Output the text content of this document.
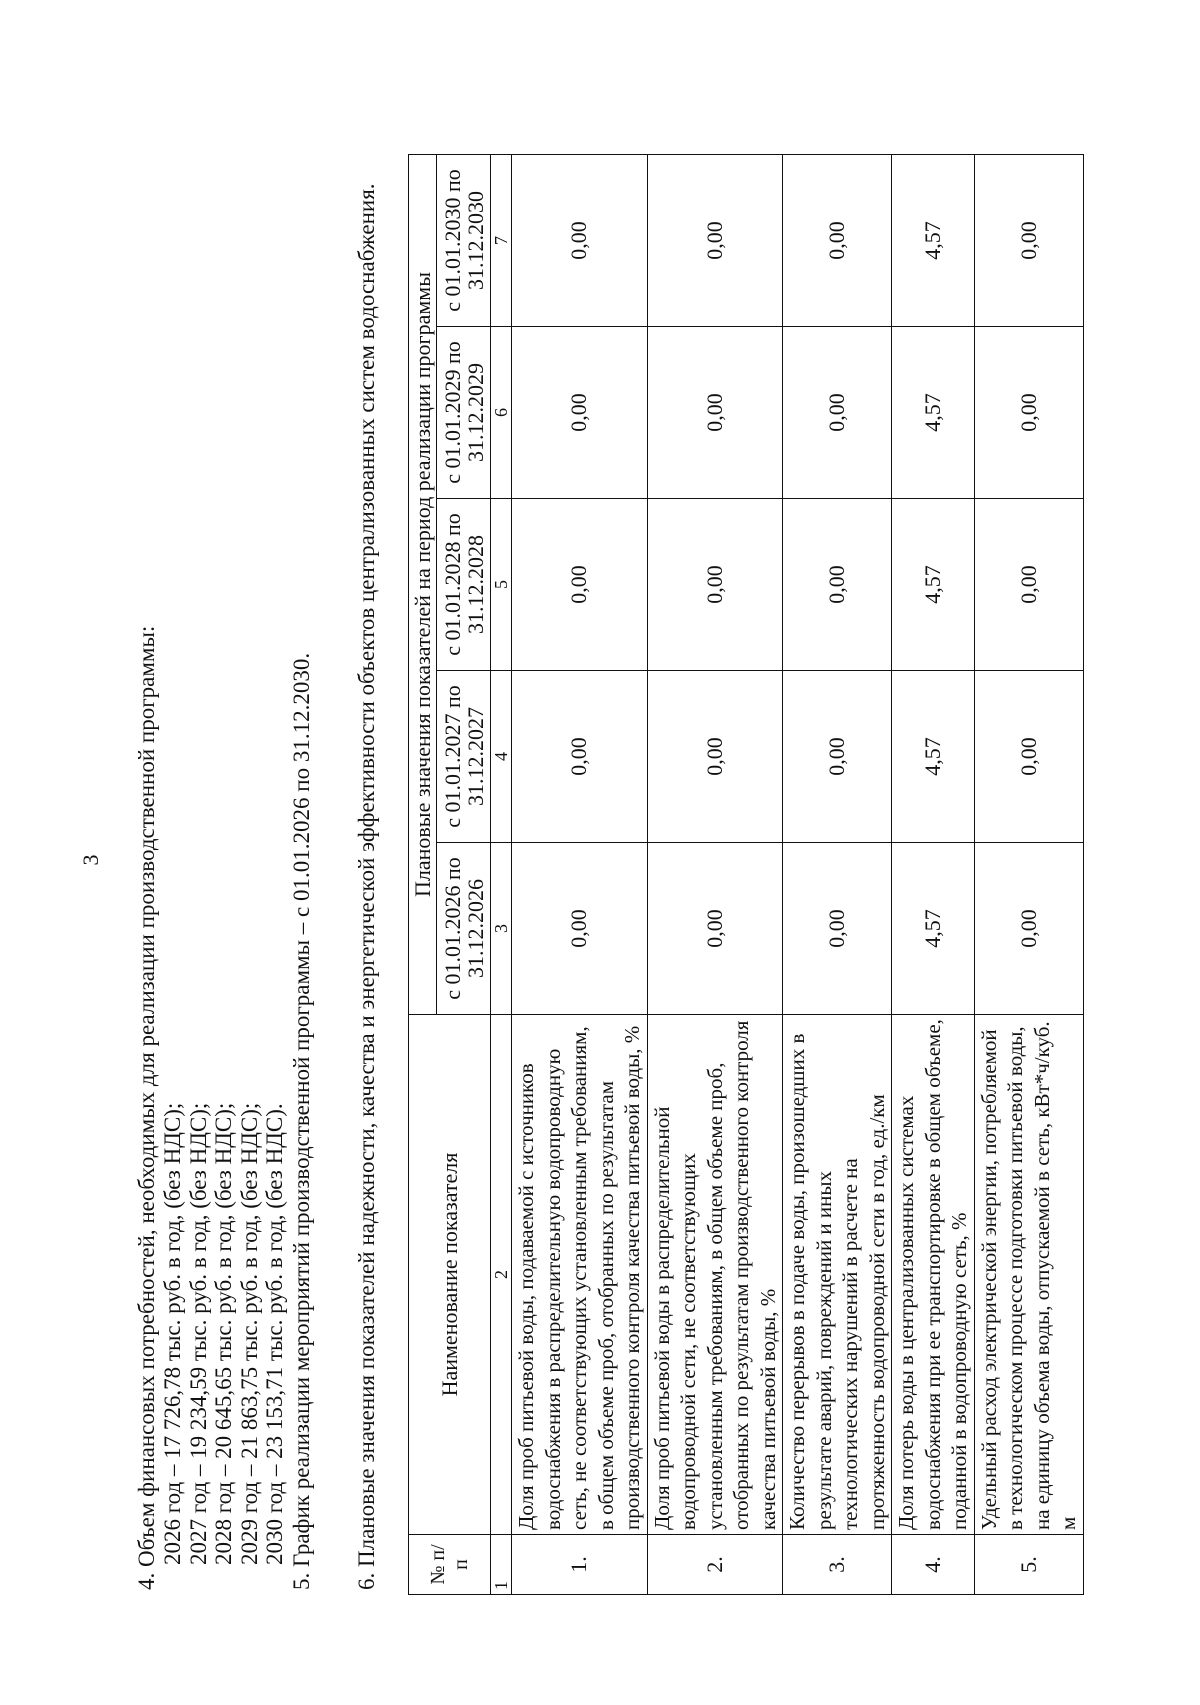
3 4. Объем финансовых потребностей, необходимых для реализации производственной программы: 2026 год – 17 726,78 тыс. руб. в год, (без НДС); 2027 год – 19 234,59 тыс. руб. в год, (без НДС); 2028 год – 20 645,65 тыс. руб. в год, (без НДС); 2029 год – 21 863,75 тыс. руб. в год, (без НДС); 2030 год – 23 153,71 тыс. руб. в год, (без НДС). 5. График реализации мероприятий производственной программы – с 01.01.2026 по 31.12.2030. 6. Плановые значения показателей надежности, качества и энергетической эффективности объектов централизованных систем водоснабжения. № п/п	Наименование показателя	Плановые значения показателей на период реализации программы				
		с 01.01.2026 по 31.12.2026	с 01.01.2027 по 31.12.2027	с 01.01.2028 по 31.12.2028	с 01.01.2029 по 31.12.2029	с 01.01.2030 по 31.12.2030
1	2	3	4	5	6	7
1.	Доля проб питьевой воды, подаваемой с источников водоснабжения в распределительную водопроводную сеть, не соответствующих установленным требованиям, в общем объеме проб, отобранных по результатам производственного контроля качества питьевой воды, %	0,00	0,00	0,00	0,00	0,00
2.	Доля проб питьевой воды в распределительной водопроводной сети, не соответствующих установленным требованиям, в общем объеме проб, отобранных по результатам производственного контроля качества питьевой воды, %	0,00	0,00	0,00	0,00	0,00
3.	Количество перерывов в подаче воды, произошедших в результате аварий, повреждений и иных технологических нарушений в расчете на протяженность водопроводной сети в год, ед./км	0,00	0,00	0,00	0,00	0,00
4.	Доля потерь воды в централизованных системах водоснабжения при ее транспортировке в общем объеме, поданной в водопроводную сеть, %	4,57	4,57	4,57	4,57	4,57
5.	Удельный расход электрической энергии, потребляемой в технологическом процессе подготовки питьевой воды, на единицу объема воды, отпускаемой в сеть, кВт*ч/куб. м	0,00	0,00	0,00	0,00	0,00
